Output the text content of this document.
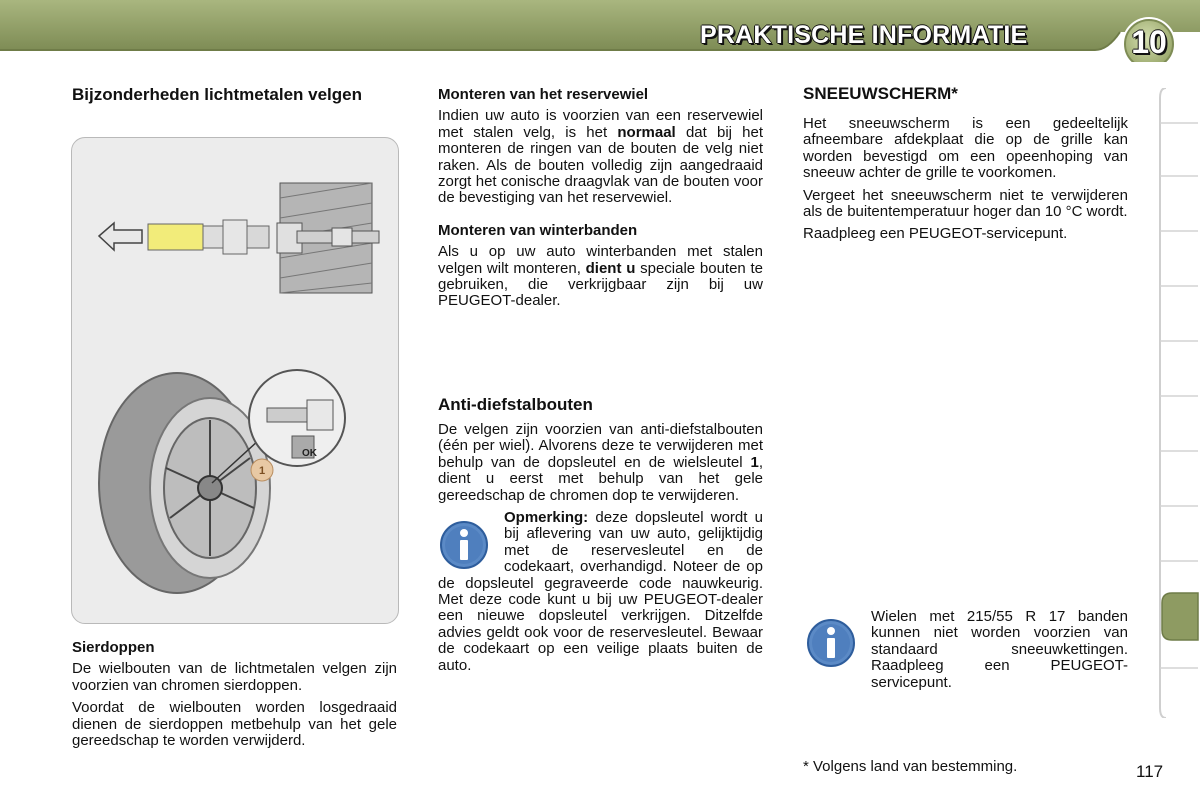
PRAKTISCHE INFORMATIE	10
Bijzonderheden lichtmetalen velgen
OK
1
Sierdoppen

De wielbouten van de lichtmetalen velgen zijn voorzien van chromen sierdoppen.

Voordat de wielbouten worden losgedraaid dienen de sierdoppen metbehulp van het gele gereedschap te worden verwijderd.

Monteren van het reservewiel

Indien uw auto is voorzien van een reservewiel met stalen velg, is het normaal dat bij het monteren de ringen van de bouten de velg niet raken. Als de bouten volledig zijn aangedraaid zorgt het conische draagvlak van de bouten voor de bevestiging van het reservewiel.

Monteren van winterbanden

Als u op uw auto winterbanden met stalen velgen wilt monteren, dient u speciale bouten te gebruiken, die verkrijgbaar zijn bij uw PEUGEOT-dealer.

Anti-diefstalbouten

De velgen zijn voorzien van anti-diefstalbouten (één per wiel). Alvorens deze te verwijderen met behulp van de dopsleutel en de wielsleutel 1, dient u eerst met behulp van het gele gereedschap de chromen dop te verwijderen.

Opmerking: deze dopsleutel wordt u bij aflevering van uw auto, gelijktijdig met de reservesleutel en de codekaart, overhandigd. Noteer de op de dopsleutel gegraveerde code nauwkeurig. Met deze code kunt u bij uw PEUGEOT-dealer een nieuwe dopsleutel verkrijgen. Ditzelfde advies geldt ook voor de reservesleutel. Bewaar de codekaart op een veilige plaats buiten de auto.

SNEEUWSCHERM*

Het sneeuwscherm is een gedeeltelijk afneembare afdekplaat die op de grille kan worden bevestigd om een opeenhoping van sneeuw achter de grille te voorkomen.

Vergeet het sneeuwscherm niet te verwijderen als de buitentemperatuur hoger dan 10 °C wordt.

Raadpleeg een PEUGEOT-servicepunt.

Wielen met 215/55 R 17 banden kunnen niet worden voorzien van standaard sneeuwkettingen. Raadpleeg een PEUGEOT-servicepunt.

* Volgens land van bestemming.	117
